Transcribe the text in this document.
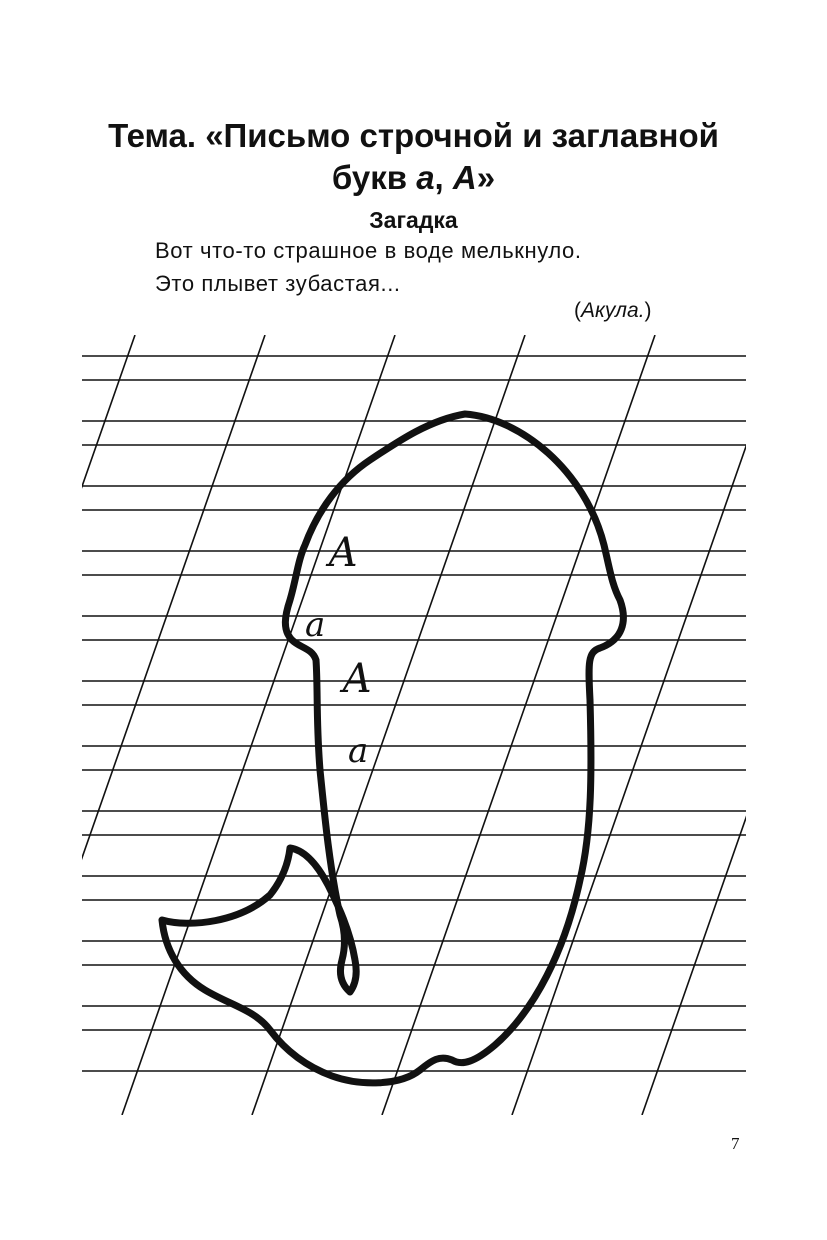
Тема. «Письмо строчной и заглавной
букв а, А»
Загадка
Вот что-то страшное в воде мелькнуло.
Это плывет зубастая...
(Акула.)
А
а
А
а
7
